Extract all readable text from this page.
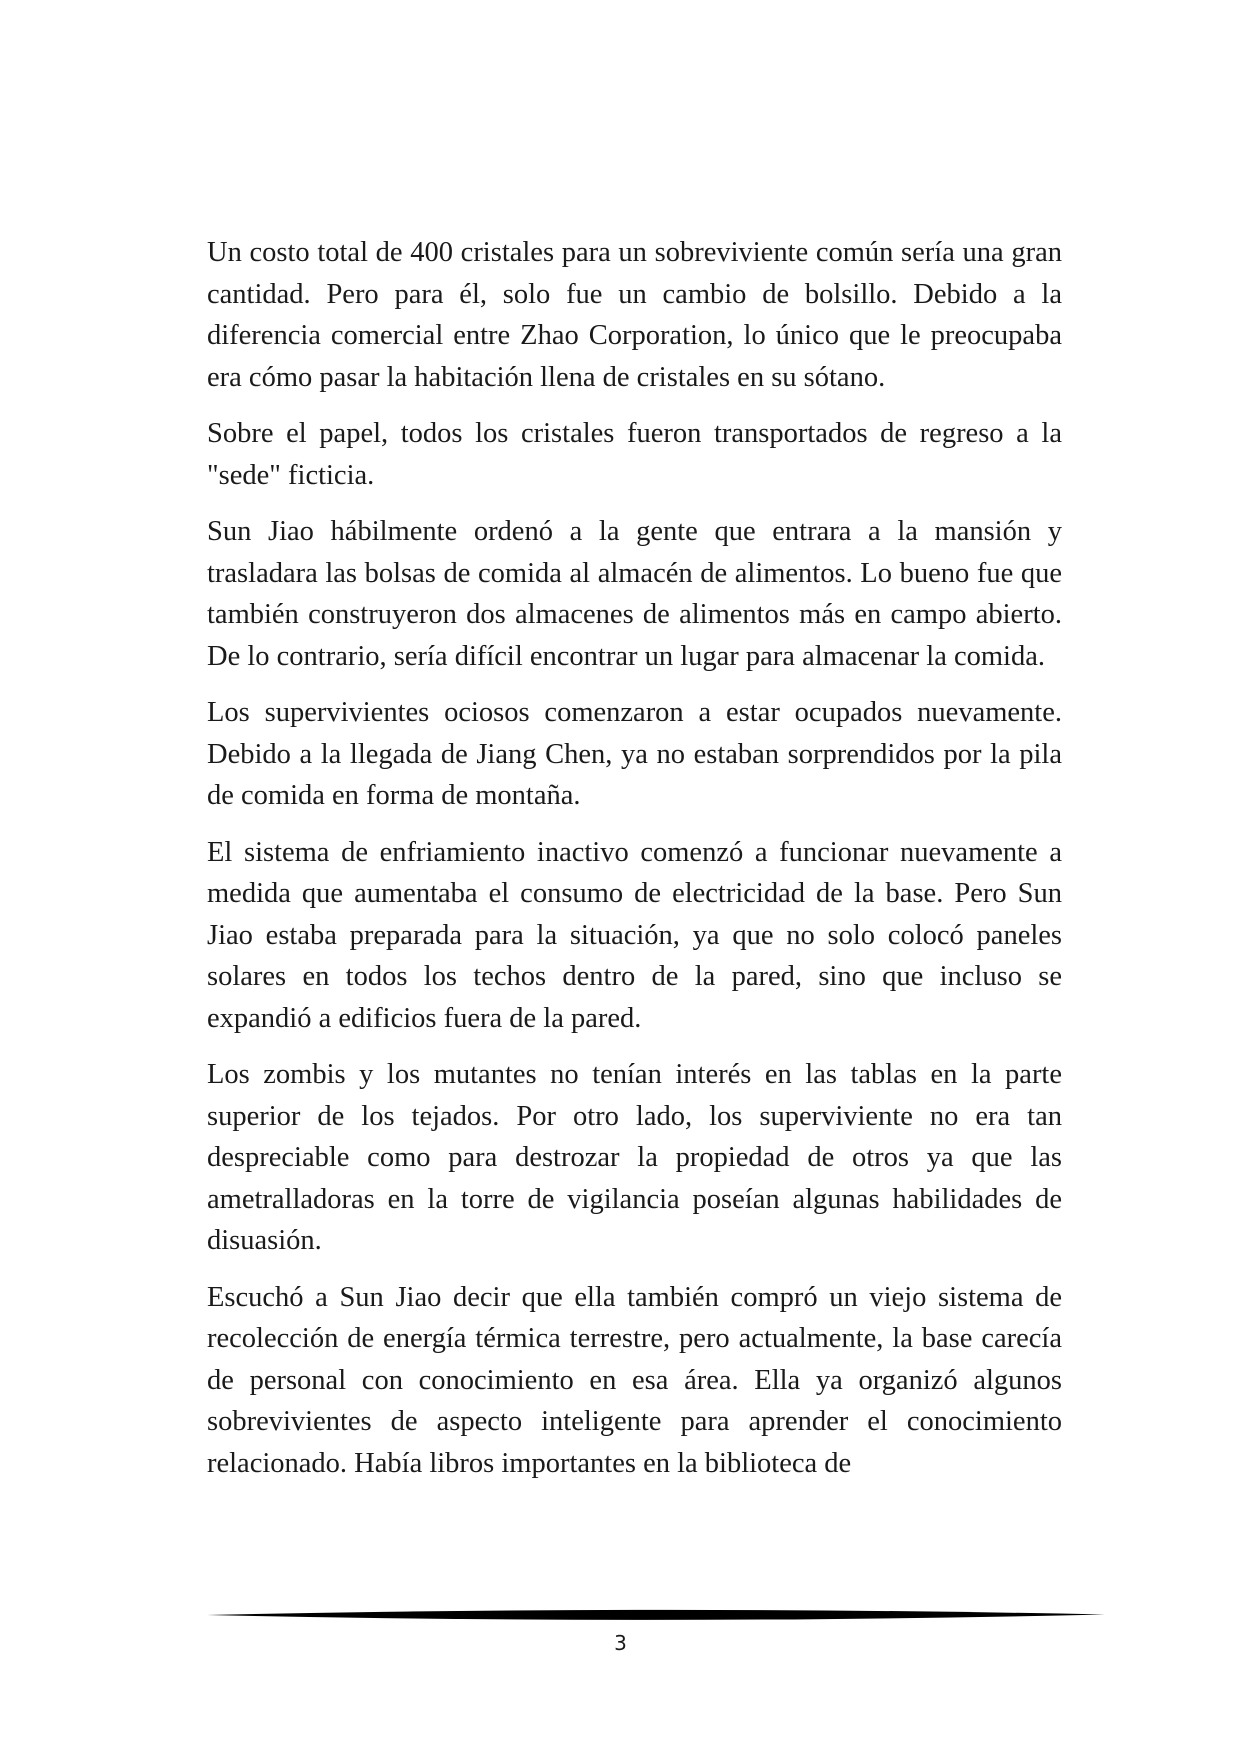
Un costo total de 400 cristales para un sobreviviente común sería una gran cantidad. Pero para él, solo fue un cambio de bolsillo. Debido a la diferencia comercial entre Zhao Corporation, lo único que le preocupaba era cómo pasar la habitación llena de cristales en su sótano.

Sobre el papel, todos los cristales fueron transportados de regreso a la "sede" ficticia.

Sun Jiao hábilmente ordenó a la gente que entrara a la mansión y trasladara las bolsas de comida al almacén de alimentos. Lo bueno fue que también construyeron dos almacenes de alimentos más en campo abierto. De lo contrario, sería difícil encontrar un lugar para almacenar la comida.

Los supervivientes ociosos comenzaron a estar ocupados nuevamente. Debido a la llegada de Jiang Chen, ya no estaban sorprendidos por la pila de comida en forma de montaña.

El sistema de enfriamiento inactivo comenzó a funcionar nuevamente a medida que aumentaba el consumo de electricidad de la base. Pero Sun Jiao estaba preparada para la situación, ya que no solo colocó paneles solares en todos los techos dentro de la pared, sino que incluso se expandió a edificios fuera de la pared.

Los zombis y los mutantes no tenían interés en las tablas en la parte superior de los tejados. Por otro lado, los superviviente no era tan despreciable como para destrozar la propiedad de otros ya que las ametralladoras en la torre de vigilancia poseían algunas habilidades de disuasión.

Escuchó a Sun Jiao decir que ella también compró un viejo sistema de recolección de energía térmica terrestre, pero actualmente, la base carecía de personal con conocimiento en esa área. Ella ya organizó algunos sobrevivientes de aspecto inteligente para aprender el conocimiento relacionado. Había libros importantes en la biblioteca de

3
